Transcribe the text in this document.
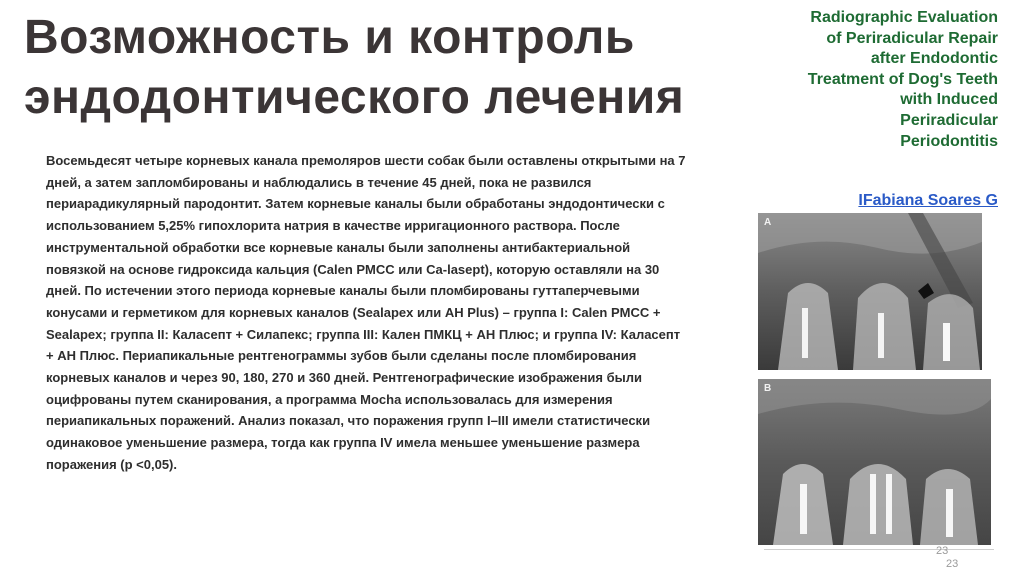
Возможность и контроль
эндодонтического лечения
Восемьдесят четыре корневых канала премоляров шести собак были оставлены открытыми на 7 дней, а затем запломбированы и наблюдались в течение 45 дней, пока не развился периарадикулярный пародонтит. Затем корневые каналы были обработаны эндодонтически с использованием 5,25% гипохлорита натрия в качестве ирригационного раствора. После инструментальной обработки все корневые каналы были заполнены антибактериальной повязкой на основе гидроксида кальция (Calen PMCC или Ca-lasept), которую оставляли на 30 дней. По истечении этого периода корневые каналы были пломбированы гуттаперчевыми конусами и герметиком для корневых каналов (Sealapex или AH Plus) – группа I: Calen PMCC + Sealapex; группа II: Каласепт + Силапекс; группа III: Кален ПМКЦ + АН Плюс; и группа IV: Каласепт + АН Плюс. Периапикальные рентгенограммы зубов были сделаны после пломбирования корневых каналов и через 90, 180, 270 и 360 дней. Рентгенографические изображения были оцифрованы путем сканирования, а программа Mocha использовалась для измерения периапикальных поражений. Анализ показал, что поражения групп I–III имели статистически одинаковое уменьшение размера, тогда как группа IV имела меньшее уменьшение размера поражения (p <0,05).
Radiographic Evaluation of Periradicular Repair after Endodontic Treatment of Dog's Teeth with Induced Periradicular Periodontitis
IFabiana Soares G
A
B
23
23
